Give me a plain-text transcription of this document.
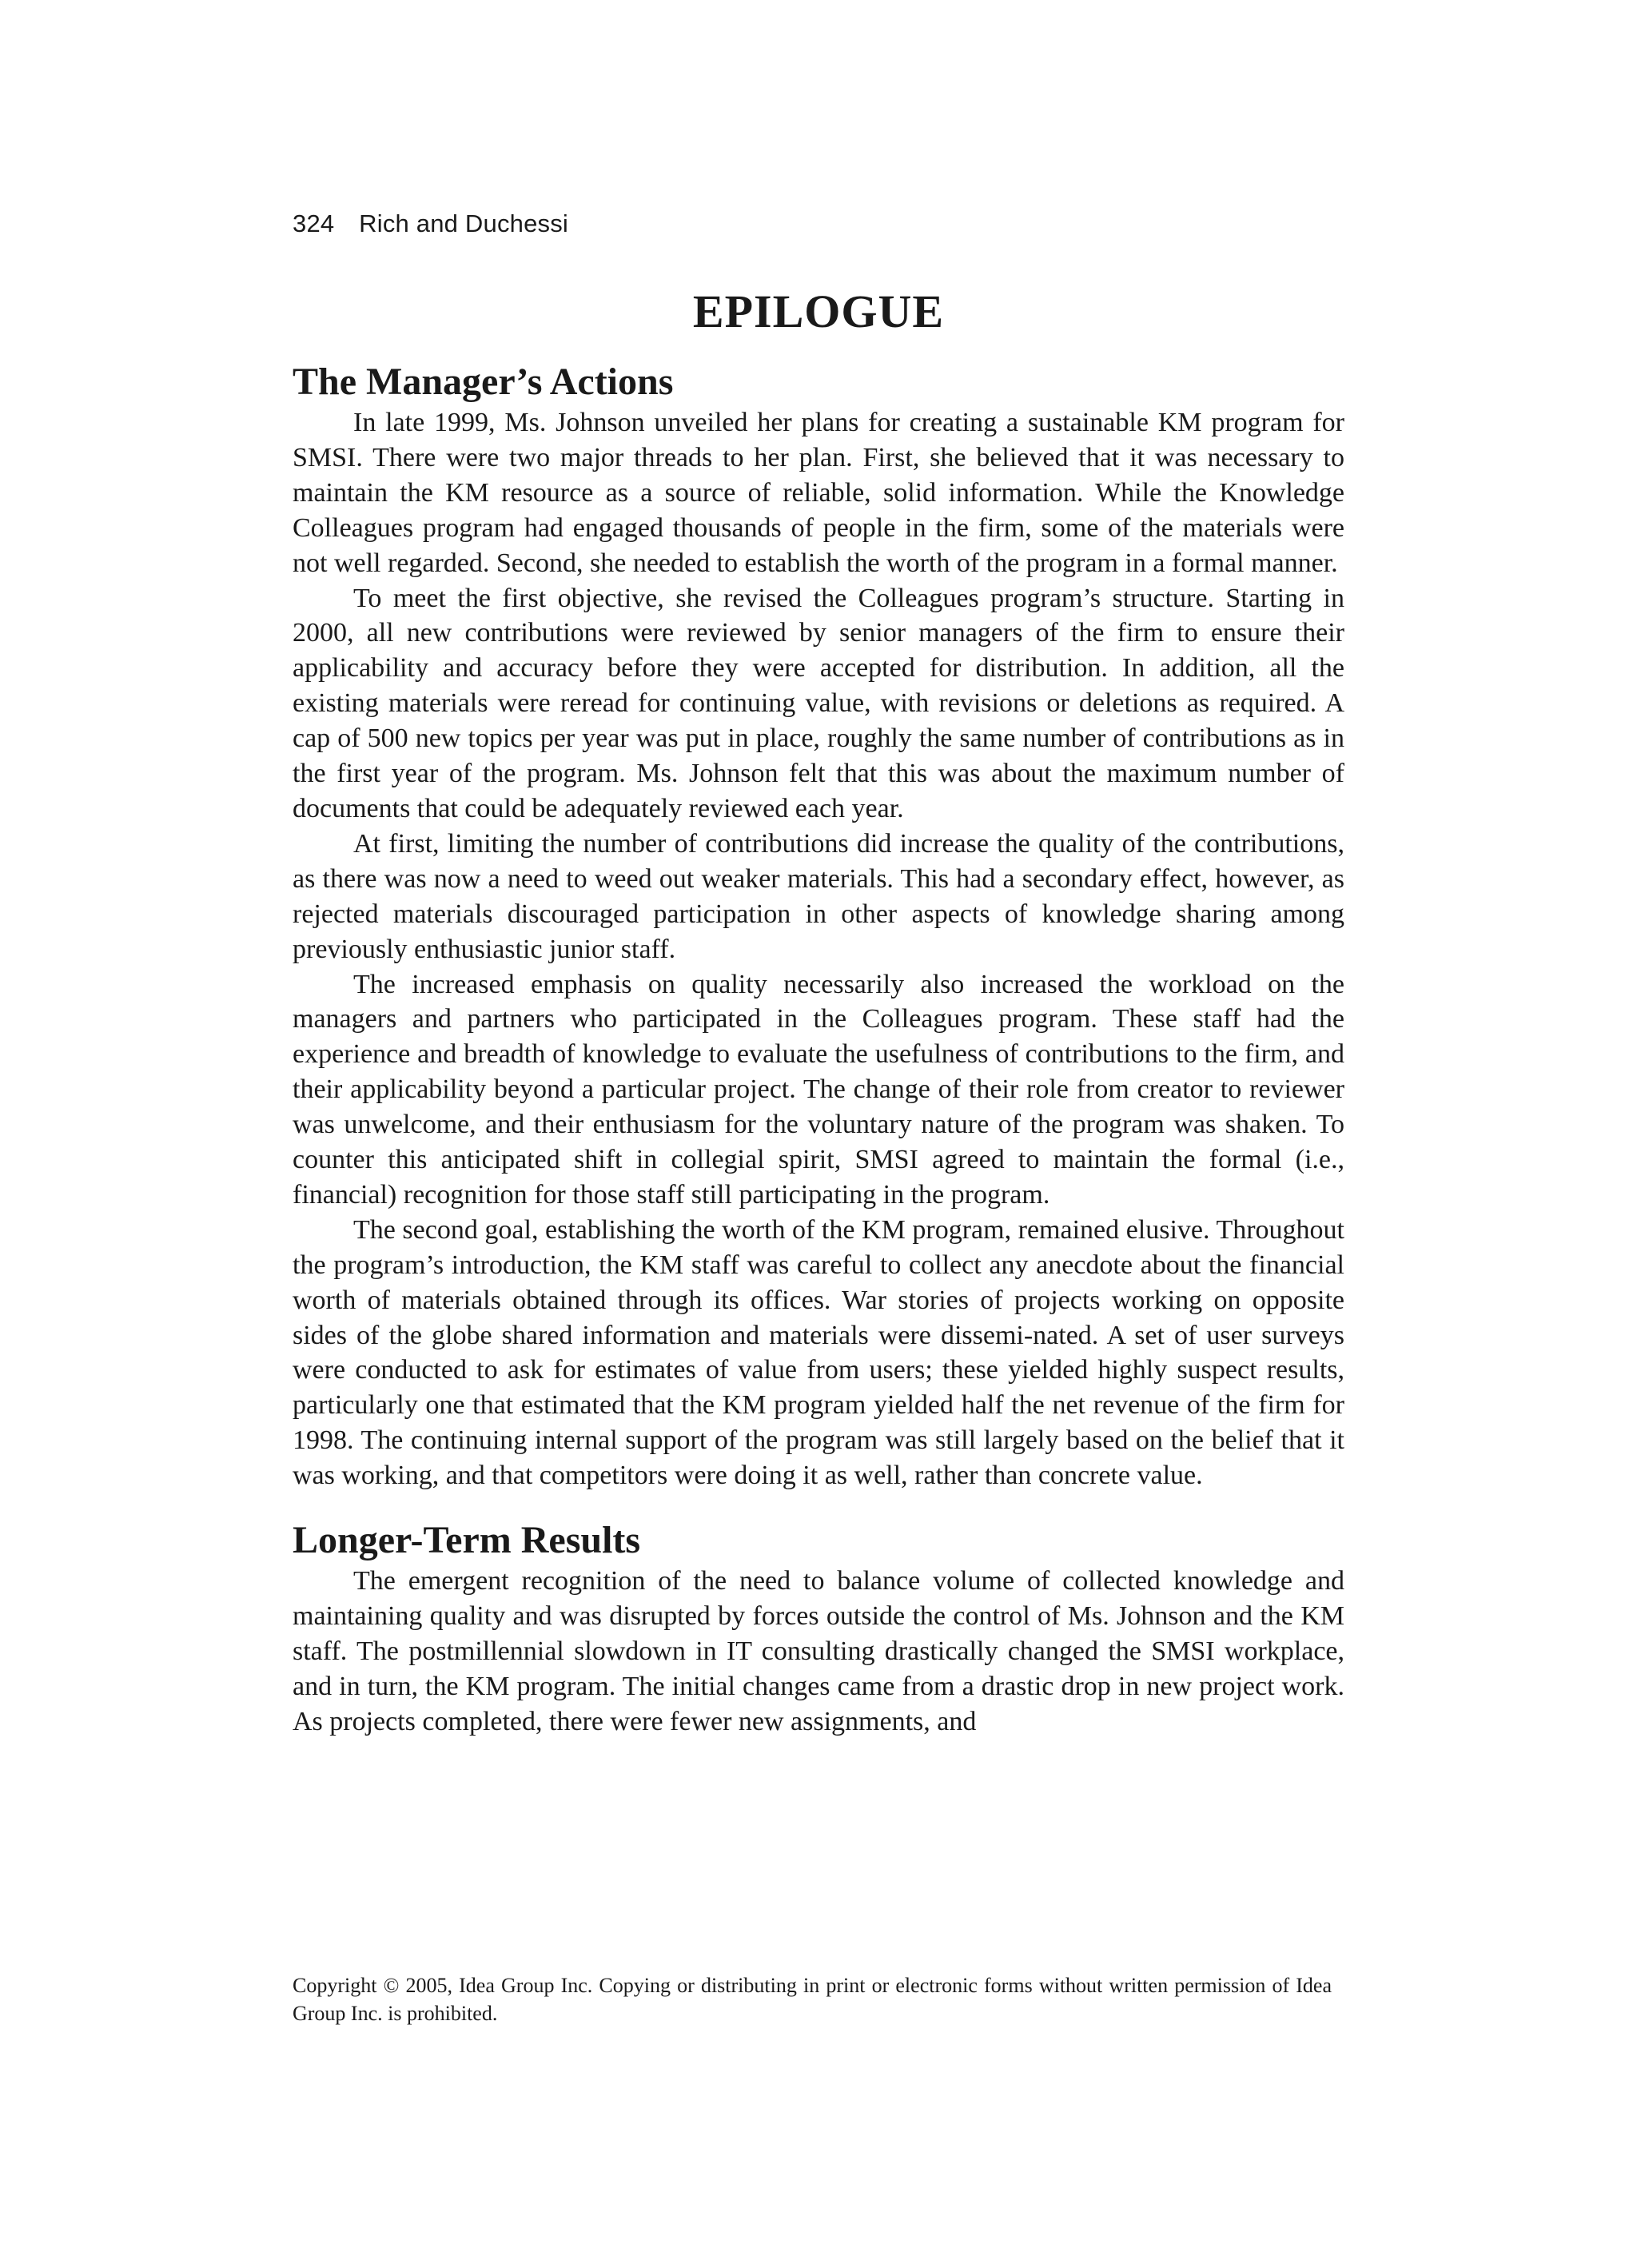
324 Rich and Duchessi
EPILOGUE
The Manager’s Actions

In late 1999, Ms. Johnson unveiled her plans for creating a sustainable KM program for SMSI. There were two major threads to her plan. First, she believed that it was necessary to maintain the KM resource as a source of reliable, solid information. While the Knowledge Colleagues program had engaged thousands of people in the firm, some of the materials were not well regarded. Second, she needed to establish the worth of the program in a formal manner.

To meet the first objective, she revised the Colleagues program’s structure. Starting in 2000, all new contributions were reviewed by senior managers of the firm to ensure their applicability and accuracy before they were accepted for distribution. In addition, all the existing materials were reread for continuing value, with revisions or deletions as required. A cap of 500 new topics per year was put in place, roughly the same number of contributions as in the first year of the program. Ms. Johnson felt that this was about the maximum number of documents that could be adequately reviewed each year.

At first, limiting the number of contributions did increase the quality of the contributions, as there was now a need to weed out weaker materials. This had a secondary effect, however, as rejected materials discouraged participation in other aspects of knowledge sharing among previously enthusiastic junior staff.

The increased emphasis on quality necessarily also increased the workload on the managers and partners who participated in the Colleagues program. These staff had the experience and breadth of knowledge to evaluate the usefulness of contributions to the firm, and their applicability beyond a particular project. The change of their role from creator to reviewer was unwelcome, and their enthusiasm for the voluntary nature of the program was shaken. To counter this anticipated shift in collegial spirit, SMSI agreed to maintain the formal (i.e., financial) recognition for those staff still participating in the program.

The second goal, establishing the worth of the KM program, remained elusive. Throughout the program’s introduction, the KM staff was careful to collect any anecdote about the financial worth of materials obtained through its offices. War stories of projects working on opposite sides of the globe shared information and materials were dissemi-nated. A set of user surveys were conducted to ask for estimates of value from users; these yielded highly suspect results, particularly one that estimated that the KM program yielded half the net revenue of the firm for 1998. The continuing internal support of the program was still largely based on the belief that it was working, and that competitors were doing it as well, rather than concrete value.

Longer-Term Results

The emergent recognition of the need to balance volume of collected knowledge and maintaining quality and was disrupted by forces outside the control of Ms. Johnson and the KM staff. The postmillennial slowdown in IT consulting drastically changed the SMSI workplace, and in turn, the KM program. The initial changes came from a drastic drop in new project work. As projects completed, there were fewer new assignments, and

Copyright © 2005, Idea Group Inc. Copying or distributing in print or electronic forms without written permission of Idea Group Inc. is prohibited.
